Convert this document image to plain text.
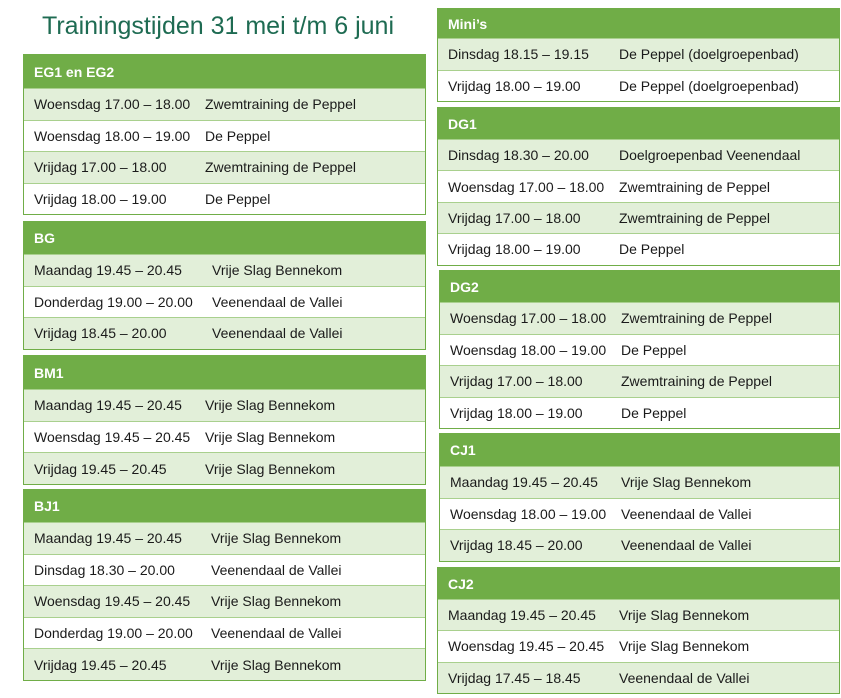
Trainingstijden 31 mei t/m 6 juni
EG1 en EG2
Woensdag 17.00 – 18.00	Zwemtraining de Peppel
Woensdag 18.00 – 19.00	De Peppel
Vrijdag 17.00 – 18.00	Zwemtraining de Peppel
Vrijdag 18.00 – 19.00	De Peppel
BG
Maandag 19.45 – 20.45	Vrije Slag Bennekom
Donderdag 19.00 – 20.00	Veenendaal de Vallei
Vrijdag 18.45 – 20.00	Veenendaal de Vallei
BM1
Maandag 19.45 – 20.45	Vrije Slag Bennekom
Woensdag 19.45 – 20.45	Vrije Slag Bennekom
Vrijdag 19.45 – 20.45	Vrije Slag Bennekom
BJ1
Maandag 19.45 – 20.45	Vrije Slag Bennekom
Dinsdag 18.30 – 20.00	Veenendaal de Vallei
Woensdag 19.45 – 20.45	Vrije Slag Bennekom
Donderdag 19.00 – 20.00	Veenendaal de Vallei
Vrijdag 19.45 – 20.45	Vrije Slag Bennekom
Mini’s
Dinsdag 18.15 – 19.15	De Peppel (doelgroepenbad)
Vrijdag 18.00 – 19.00	De Peppel (doelgroepenbad)
DG1
Dinsdag 18.30 – 20.00	Doelgroepenbad Veenendaal
Woensdag 17.00 – 18.00	Zwemtraining de Peppel
Vrijdag 17.00 – 18.00	Zwemtraining de Peppel
Vrijdag 18.00 – 19.00	De Peppel
DG2
Woensdag 17.00 – 18.00	Zwemtraining de Peppel
Woensdag 18.00 – 19.00	De Peppel
Vrijdag 17.00 – 18.00	Zwemtraining de Peppel
Vrijdag 18.00 – 19.00	De Peppel
CJ1
Maandag 19.45 – 20.45	Vrije Slag Bennekom
Woensdag 18.00 – 19.00	Veenendaal de Vallei
Vrijdag 18.45 – 20.00	Veenendaal de Vallei
CJ2
Maandag 19.45 – 20.45	Vrije Slag Bennekom
Woensdag 19.45 – 20.45	Vrije Slag Bennekom
Vrijdag 17.45 – 18.45	Veenendaal de Vallei
